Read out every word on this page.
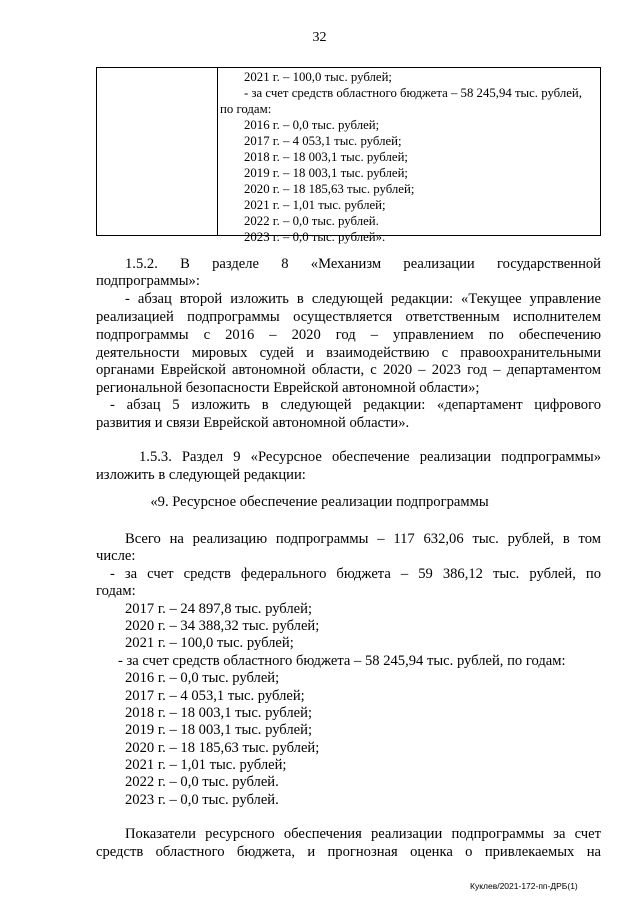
32
2021 г. – 100,0 тыс. рублей;
- за счет средств областного бюджета – 58 245,94 тыс. рублей,
по годам:
2016 г. – 0,0 тыс. рублей;
2017 г. – 4 053,1 тыс. рублей;
2018 г. – 18 003,1 тыс. рублей;
2019 г. – 18 003,1 тыс. рублей;
2020 г. – 18 185,63 тыс. рублей;
2021 г. – 1,01 тыс. рублей;
2022 г. – 0,0 тыс. рублей.
2023 г. – 0,0 тыс. рублей».
1.5.2. В разделе 8 «Механизм реализации государственной
подпрограммы»:
- абзац второй изложить в следующей редакции: «Текущее управление
реализацией подпрограммы осуществляется ответственным исполнителем
подпрограммы с 2016 – 2020 год – управлением по обеспечению
деятельности мировых судей и взаимодействию с правоохранительными
органами Еврейской автономной области, с 2020 – 2023 год – департаментом
региональной безопасности Еврейской автономной области»;
- абзац 5 изложить в следующей редакции: «департамент цифрового
развития и связи Еврейской автономной области».
1.5.3. Раздел 9 «Ресурсное обеспечение реализации подпрограммы»
изложить в следующей редакции:
«9. Ресурсное обеспечение реализации подпрограммы
Всего на реализацию подпрограммы – 117 632,06 тыс. рублей, в том
числе:
- за счет средств федерального бюджета – 59 386,12 тыс. рублей, по
годам:
2017 г. – 24 897,8 тыс. рублей;
2020 г. – 34 388,32 тыс. рублей;
2021 г. – 100,0 тыс. рублей;
- за счет средств областного бюджета – 58 245,94 тыс. рублей, по годам:
2016 г. – 0,0 тыс. рублей;
2017 г. – 4 053,1 тыс. рублей;
2018 г. – 18 003,1 тыс. рублей;
2019 г. – 18 003,1 тыс. рублей;
2020 г. – 18 185,63 тыс. рублей;
2021 г. – 1,01 тыс. рублей;
2022 г. – 0,0 тыс. рублей.
2023 г. – 0,0 тыс. рублей.
Показатели ресурсного обеспечения реализации подпрограммы за счет
средств областного бюджета, и прогнозная оценка о привлекаемых на
Куклев/2021-172-пп-ДРБ(1)
